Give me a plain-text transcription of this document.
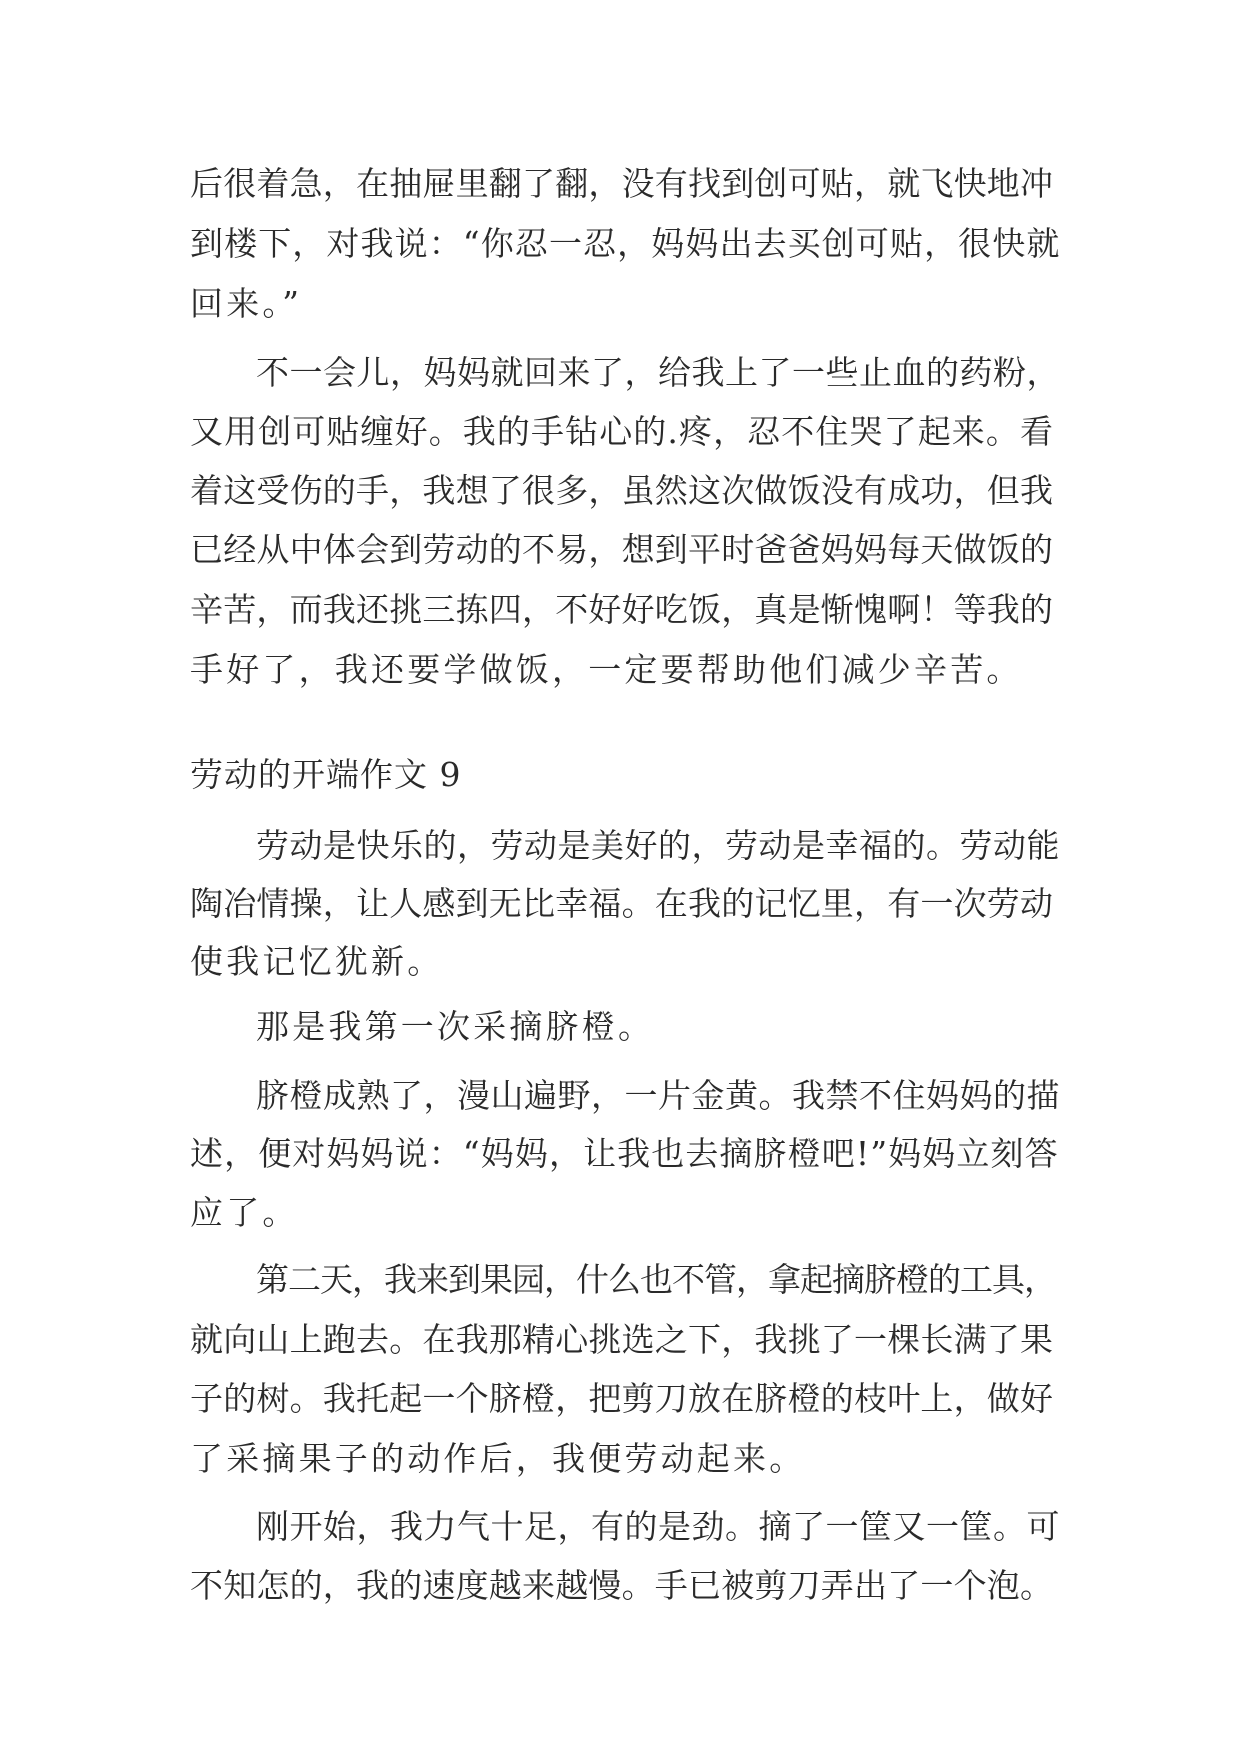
后很着急，在抽屉里翻了翻，没有找到创可贴，就飞快地冲
到楼下，对我说：“你忍一忍，妈妈出去买创可贴，很快就
回来。”
不一会儿，妈妈就回来了，给我上了一些止血的药粉，
又用创可贴缠好。我的手钻心的.疼，忍不住哭了起来。看
着这受伤的手，我想了很多，虽然这次做饭没有成功，但我
已经从中体会到劳动的不易，想到平时爸爸妈妈每天做饭的
辛苦，而我还挑三拣四，不好好吃饭，真是惭愧啊！等我的
手好了，我还要学做饭，一定要帮助他们减少辛苦。
劳动的开端作文 9
劳动是快乐的，劳动是美好的，劳动是幸福的。劳动能
陶冶情操，让人感到无比幸福。在我的记忆里，有一次劳动
使我记忆犹新。
那是我第一次采摘脐橙。
脐橙成熟了，漫山遍野，一片金黄。我禁不住妈妈的描
述，便对妈妈说：“妈妈，让我也去摘脐橙吧!”妈妈立刻答
应了。
第二天，我来到果园，什么也不管，拿起摘脐橙的工具，
就向山上跑去。在我那精心挑选之下，我挑了一棵长满了果
子的树。我托起一个脐橙，把剪刀放在脐橙的枝叶上，做好
了采摘果子的动作后，我便劳动起来。
刚开始，我力气十足，有的是劲。摘了一筐又一筐。可
不知怎的，我的速度越来越慢。手已被剪刀弄出了一个泡。
